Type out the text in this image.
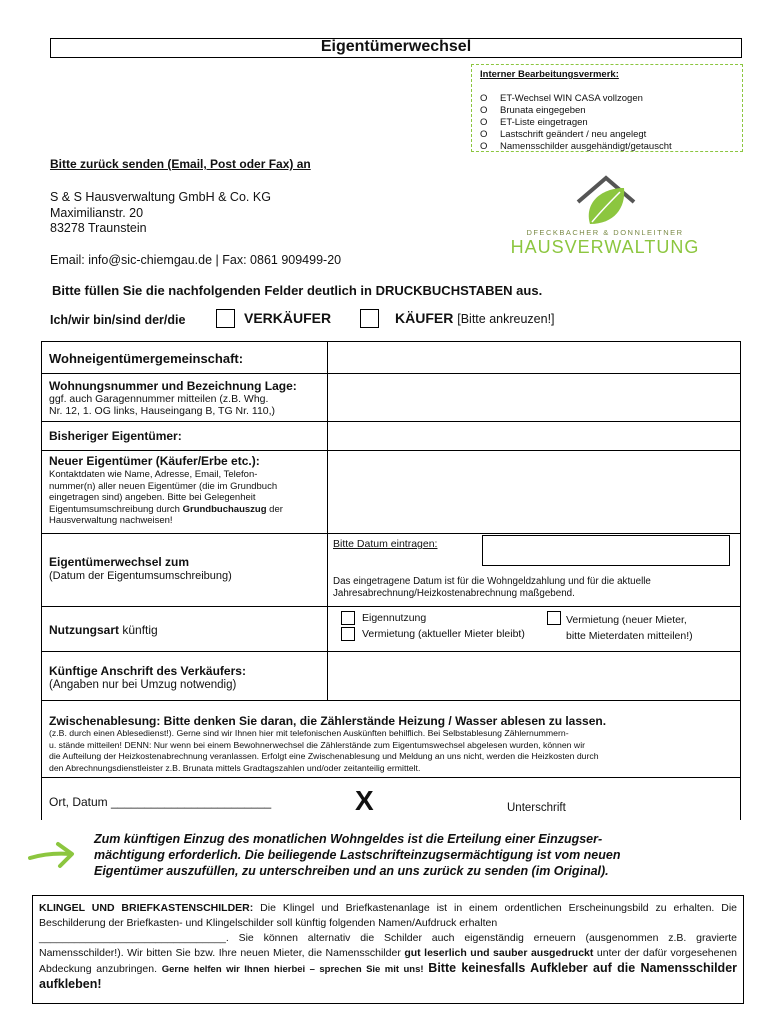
Eigentümerwechsel
Interner Bearbeitungsvermerk:
O	ET-Wechsel WIN CASA vollzogen
O	Brunata eingegeben
O	ET-Liste eingetragen
O	Lastschrift geändert / neu angelegt
O	Namensschilder ausgehändigt/getauscht
Bitte zurück senden (Email, Post oder Fax) an
S & S Hausverwaltung GmbH & Co. KG
Maximilianstr. 20
83278 Traunstein
Email: info@sic-chiemgau.de | Fax: 0861 909499-20
DFECKBACHER & DONNLEITNER
HAUSVERWALTUNG
Bitte füllen Sie die nachfolgenden Felder deutlich in DRUCKBUCHSTABEN aus.
Ich/wir bin/sind der/die	VERKÄUFER	KÄUFER [Bitte ankreuzen!]
Wohneigentümergemeinschaft:
Wohnungsnummer und Bezeichnung Lage:
ggf. auch Garagennummer mitteilen (z.B. Whg.
Nr. 12, 1. OG links, Hauseingang B, TG Nr. 110,)
Bisheriger Eigentümer:
Neuer Eigentümer (Käufer/Erbe etc.):
Kontaktdaten wie Name, Adresse, Email, Telefon-
nummer(n) aller neuen Eigentümer (die im Grundbuch
eingetragen sind) angeben. Bitte bei Gelegenheit
Eigentumsumschreibung durch Grundbuchauszug der
Hausverwaltung nachweisen!
Eigentümerwechsel zum
(Datum der Eigentumsumschreibung)
Bitte Datum eintragen:
Das eingetragene Datum ist für die Wohngeldzahlung und für die aktuelle
Jahresabrechnung/Heizkostenabrechnung maßgebend.
Nutzungsart künftig
Eigennutzung
Vermietung (aktueller Mieter bleibt)
Vermietung (neuer Mieter,
bitte Mieterdaten mitteilen!)
Künftige Anschrift des Verkäufers:
(Angaben nur bei Umzug notwendig)
Zwischenablesung: Bitte denken Sie daran, die Zählerstände Heizung / Wasser ablesen zu lassen.
(z.B. durch einen Ablesedienst!). Gerne sind wir Ihnen hier mit telefonischen Auskünften behilflich. Bei Selbstablesung Zählernummern-
u. stände mitteilen! DENN: Nur wenn bei einem Bewohnerwechsel die Zählerstände zum Eigentumswechsel abgelesen wurden, können wir
die Aufteilung der Heizkostenabrechnung veranlassen. Erfolgt eine Zwischenablesung und Meldung an uns nicht, werden die Heizkosten durch
den Abrechnungsdienstleister z.B. Brunata mittels Gradtagszahlen und/oder zeitanteilig ermittelt.
Ort, Datum ________________________	X	Unterschrift
Zum künftigen Einzug des monatlichen Wohngeldes ist die Erteilung einer Einzugser-
mächtigung erforderlich. Die beiliegende Lastschrifteinzugsermächtigung ist vom neuen
Eigentümer auszufüllen, zu unterschreiben und an uns zurück zu senden (im Original).
KLINGEL UND BRIEFKASTENSCHILDER: Die Klingel und Briefkastenanlage ist in einem ordentlichen Erscheinungsbild zu erhalten. Die Beschilderung der Briefkasten- und Klingelschilder soll künftig folgenden Namen/Aufdruck erhalten
________________________________. Sie können alternativ die Schilder auch eigenständig erneuern (ausgenommen z.B. gravierte Namensschilder!). Wir bitten Sie bzw. Ihre neuen Mieter, die Namensschilder gut leserlich und sauber ausgedruckt unter der dafür vorgesehenen Abdeckung anzubringen. Gerne helfen wir Ihnen hierbei – sprechen Sie mit uns! Bitte keinesfalls Aufkleber auf die Namensschilder aufkleben!
